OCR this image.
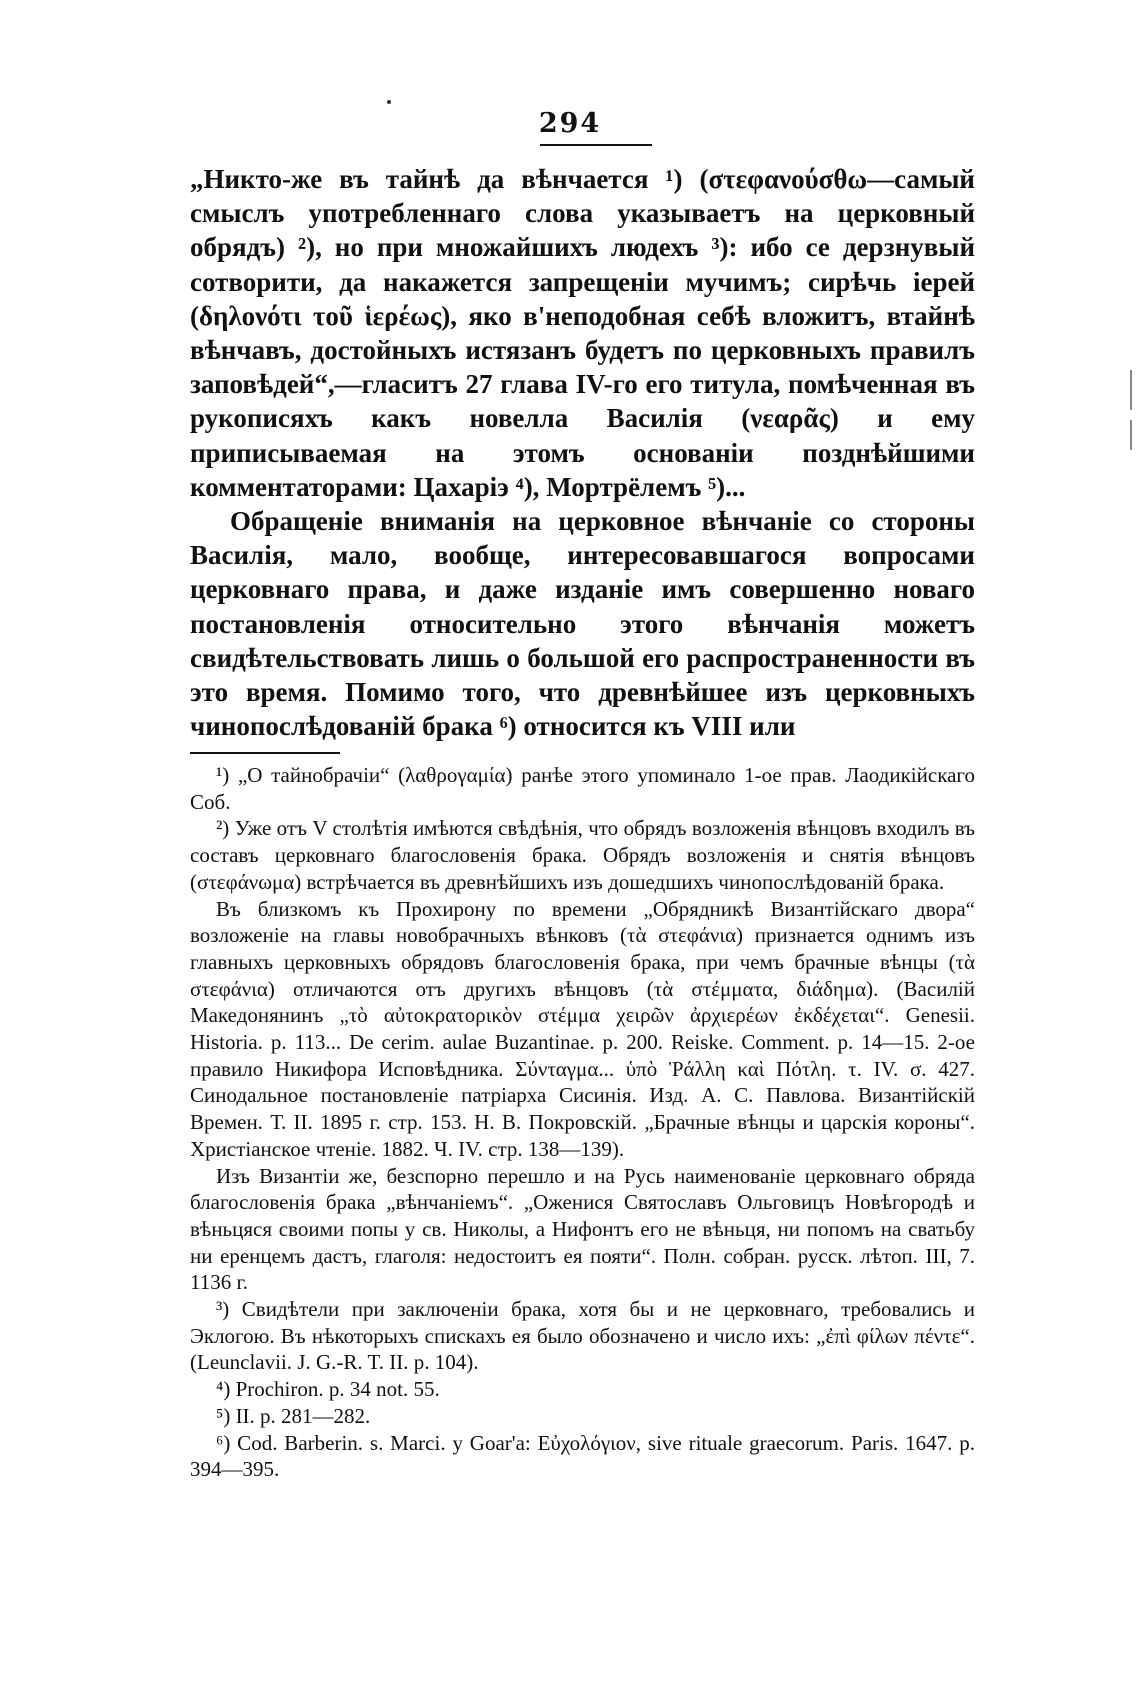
294

„Никто-же въ тайнѣ да вѣнчается ¹) (στεφανούσθω—самый смыслъ употребленнаго слова указываетъ на церковный обрядъ) ²), но при множайшихъ людехъ ³): ибо се дерзнувый сотворити, да накажется запрещеніи мучимъ; сирѣчь іерей (δηλονότι τοῦ ἱερέως), яко в'неподобная себѣ вложитъ, втайнѣ вѣнчавъ, достойныхъ истязанъ будетъ по церковныхъ правилъ заповѣдей“,—гласитъ 27 глава IV-го его титула, помѣченная въ рукописяхъ какъ новелла Василія (νεαρᾶς) и ему приписываемая на этомъ основаніи позднѣйшими комментаторами: Цахаріэ ⁴), Мортрёлемъ ⁵)...

Обращеніе вниманія на церковное вѣнчаніе со стороны Василія, мало, вообще, интересовавшагося вопросами церковнаго права, и даже изданіе имъ совершенно новаго постановленія относительно этого вѣнчанія можетъ свидѣтельствовать лишь о большой его распространенности въ это время. Помимо того, что древнѣйшее изъ церковныхъ чинопослѣдованій брака ⁶) относится къ VIII или

¹) „О тайнобрачіи“ (λαθρογαμία) ранѣе этого упоминало 1-ое прав. Лаодикійскаго Соб.

²) Уже отъ V столѣтія имѣются свѣдѣнія, что обрядъ возложенія вѣнцовъ входилъ въ составъ церковнаго благословенія брака. Обрядъ возложенія и снятія вѣнцовъ (στεφάνωμα) встрѣчается въ древнѣйшихъ изъ дошедшихъ чинопослѣдованій брака.

Въ близкомъ къ Прохирону по времени „Обрядникѣ Византійскаго двора“ возложеніе на главы новобрачныхъ вѣнковъ (τὰ στεφάνια) признается однимъ изъ главныхъ церковныхъ обрядовъ благословенія брака, при чемъ брачные вѣнцы (τὰ στεφάνια) отличаются отъ другихъ вѣнцовъ (τὰ στέμματα, διάδημα). (Василій Македонянинъ „τὸ αὐτοκρατορικὸν στέμμα χειρῶν ἀρχιερέων ἐκδέχεται“. Genesii. Historia. p. 113... De cerim. aulae Buzantinae. p. 200. Reiske. Comment. p. 14—15. 2-ое правило Никифора Исповѣдника. Σύνταγμα... ὑπὸ Ῥάλλη καὶ Πότλη. τ. IV. σ. 427. Синодальное постановленіе патріарха Сисинія. Изд. А. С. Павлова. Византійскій Времен. Т. II. 1895 г. стр. 153. Н. В. Покровскій. „Брачные вѣнцы и царскія короны“. Христіанское чтеніе. 1882. Ч. IV. стр. 138—139).

Изъ Византіи же, безспорно перешло и на Русь наименованіе церковнаго обряда благословенія брака „вѣнчаніемъ“. „Оженися Святославъ Ольговицъ Новѣгородѣ и вѣньцяся своими попы у св. Николы, а Нифонтъ его не вѣньця, ни попомъ на сватьбу ни еренцемъ дастъ, глаголя: недостоитъ ея пояти“. Полн. собран. русск. лѣтоп. III, 7. 1136 г.

³) Свидѣтели при заключеніи брака, хотя бы и не церковнаго, требовались и Эклогою. Въ нѣкоторыхъ спискахъ ея было обозначено и число ихъ: „ἐπὶ φίλων πέντε“. (Leunclavii. J. G.-R. T. II. p. 104).

⁴) Prochiron. p. 34 not. 55.

⁵) II. p. 281—282.

⁶) Cod. Barberin. s. Marci. y Goar'a: Εὐχολόγιον, sive rituale graecorum. Paris. 1647. p. 394—395.
